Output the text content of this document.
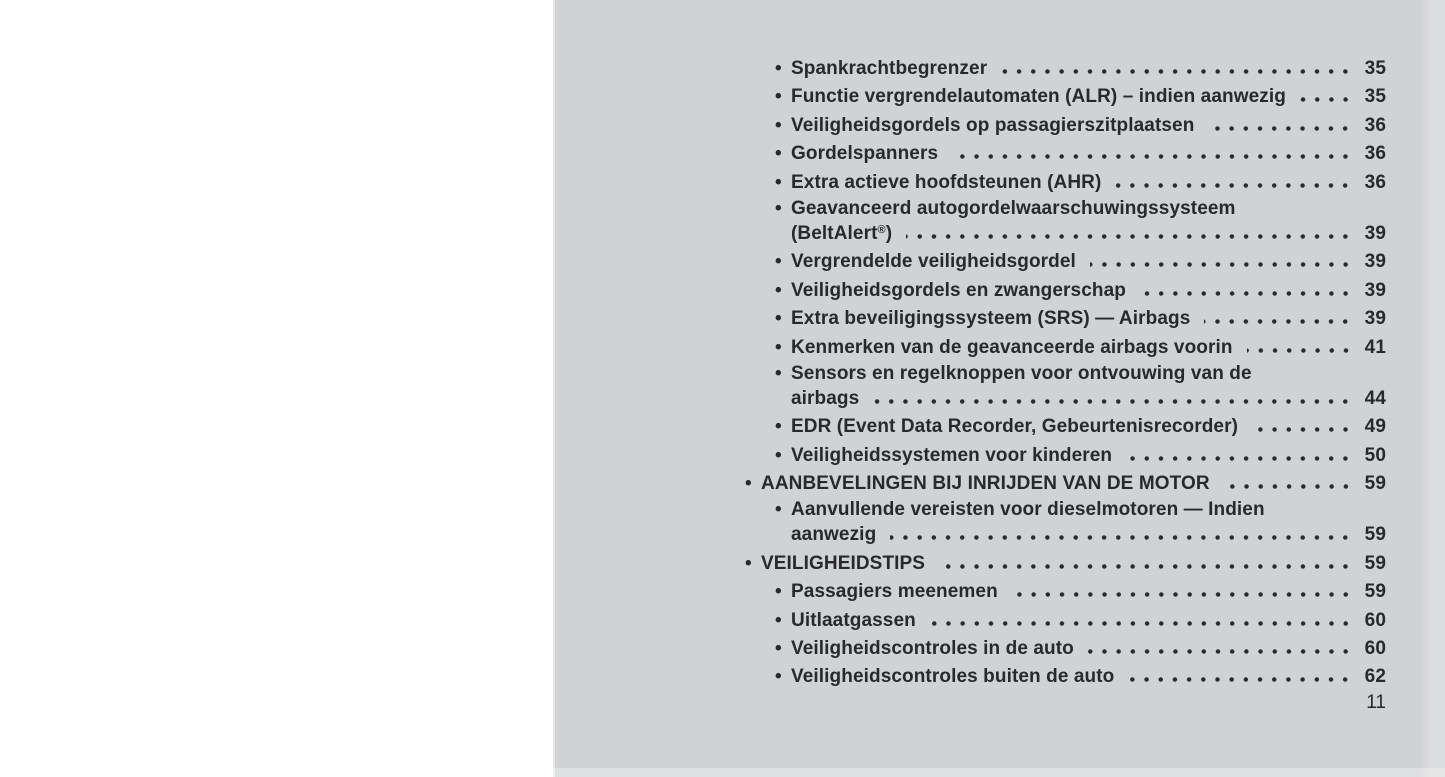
• Spankrachtbegrenzer	35
• Functie vergrendelautomaten (ALR) – indien aanwezig	35
• Veiligheidsgordels op passagierszitplaatsen	36
• Gordelspanners	36
• Extra actieve hoofdsteunen (AHR)	36
• Geavanceerd autogordelwaarschuwingssysteem
(BeltAlert®)	39
• Vergrendelde veiligheidsgordel	39
• Veiligheidsgordels en zwangerschap	39
• Extra beveiligingssysteem (SRS) — Airbags	39
• Kenmerken van de geavanceerde airbags voorin	41
• Sensors en regelknoppen voor ontvouwing van de
airbags	44
• EDR (Event Data Recorder, Gebeurtenisrecorder)	49
• Veiligheidssystemen voor kinderen	50
• AANBEVELINGEN BIJ INRIJDEN VAN DE MOTOR	59
• Aanvullende vereisten voor dieselmotoren — Indien
aanwezig	59
• VEILIGHEIDSTIPS	59
• Passagiers meenemen	59
• Uitlaatgassen	60
• Veiligheidscontroles in de auto	60
• Veiligheidscontroles buiten de auto	62
11
